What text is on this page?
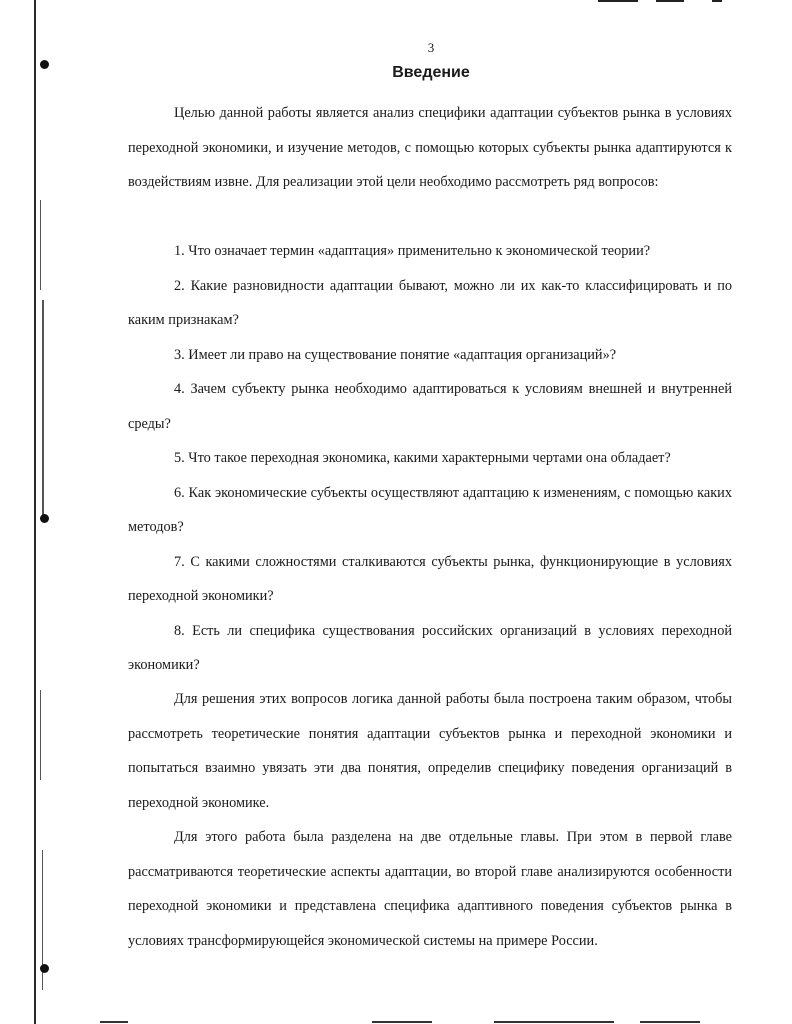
3
Введение

Целью данной работы является анализ специфики адаптации субъектов рынка в условиях переходной экономики, и изучение методов, с помощью которых субъекты рынка адаптируются к воздействиям извне. Для реализации этой цели необходимо рассмотреть ряд вопросов:

1. Что означает термин «адаптация» применительно к экономической теории?

2. Какие разновидности адаптации бывают, можно ли их как-то классифицировать и по каким признакам?

3. Имеет ли право на существование понятие «адаптация организаций»?

4. Зачем субъекту рынка необходимо адаптироваться к условиям внешней и внутренней среды?

5. Что такое переходная экономика, какими характерными чертами она обладает?

6. Как экономические субъекты осуществляют адаптацию к изменениям, с помощью каких методов?

7. С какими сложностями сталкиваются субъекты рынка, функционирующие в условиях переходной экономики?

8. Есть ли специфика существования российских организаций в условиях переходной экономики?

Для решения этих вопросов логика данной работы была построена таким образом, чтобы рассмотреть теоретические понятия адаптации субъектов рынка и переходной экономики и попытаться взаимно увязать эти два понятия, определив специфику поведения организаций в переходной экономике.

Для этого работа была разделена на две отдельные главы. При этом в первой главе рассматриваются теоретические аспекты адаптации, во второй главе анализируются особенности переходной экономики и представлена специфика адаптивного поведения субъектов рынка в условиях трансформирующейся экономической системы на примере России.
